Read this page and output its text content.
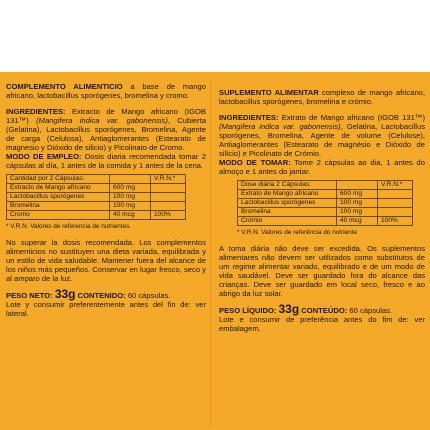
COMPLEMENTO ALIMENTICIO a base de mango africano, lactobacillus sporógenes, bromelina y cromo.

INGREDIENTES: Extracto de Mango africano (IGOB 131™) (Mangifera indica var. gabonensis), Cubierta (Gelatina), Lactobacillus sporógenes, Bromelina, Agente de carga (Celulosa), Antiaglomerantes (Estearato de magnesio y Dióxido de silicio) y Picolinato de Cromo.

MODO DE EMPLEO: Dosis diaria recomendada tomar 2 cápsulas al día, 1 antes de la comida y 1 antes de la cena.

Cantidad por 2 Cápsulas:		V.R.N.*
Extracto de Mango africano	600 mg	
Lactobacillus sporógenes	100 mg	
Bromelina	100 mg	
Cromo	40 mcg	100%
* V.R.N. Valores de referencia de nutrientes.

No superar la dosis recomendada. Los complementos alimenticios no sustituyen una dieta variada, equilibrada y un estilo de vida saludable. Mantener fuera del alcance de los niños más pequeños. Conservar en lugar fresco, seco y al amparo de la luz.

PESO NETO: 33g CONTENIDO: 60 cápsulas.

Lote y consumir preferentemente antes del fin de: ver lateral.

SUPLEMENTO ALIMENTAR complexo de mango africano, lactobacillus sporógenes, bromelina e crómio.

INGREDIENTES: Extrato de Mango africano (IGOB 131™) (Mangifera indica var. gabonensis), Gelatina, Lactobacillus sporógenes, Bromelina, Agente de volume (Celulose), Antiaglomerantes (Estearato de magnésio e Dióxido de silício) e Picolinato de Crómio.

MODO DE TOMAR: Tome 2 cápsulas ao dia, 1 antes do almoço e 1 antes do jantar.

Dose diária 2 Cápsulas:		V.R.N.*
Extrato de Mango africano	600 mg	
Lactobacillus sporógenes	100 mg	
Bromelina	100 mg	
Crómio	40 mcg	100%
* V.R.N. Valores de referência do nutriente

A toma diária não deve ser excedida. Os suplementos alimentares não devem ser utilizados como substitutos de um regime alimentar variado, equilibrado e de um modo de vida saudável. Deve ser guardado fora do alcance das crianças. Deve ser guardado em local seco, fresco e ao abrigo da luz solar.

PESO LÍQUIDO: 33g CONTEÚDO: 60 cápsulas.

Lote e consumir de preferência antes do fim de: ver embalagem.
